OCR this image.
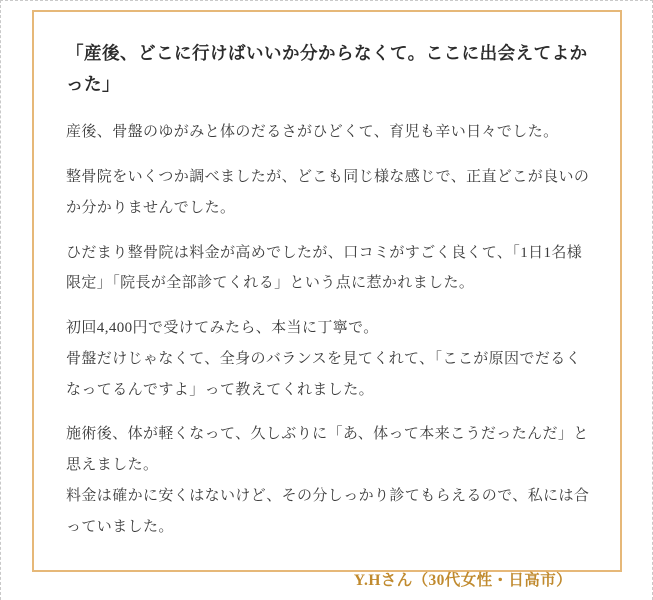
「産後、どこに行けばいいか分からなくて。ここに出会えてよかった」

産後、骨盤のゆがみと体のだるさがひどくて、育児も辛い日々でした。

整骨院をいくつか調べましたが、どこも同じ様な感じで、正直どこが良いのか分かりませんでした。

ひだまり整骨院は料金が高めでしたが、口コミがすごく良くて、「1日1名様限定」「院長が全部診てくれる」という点に惹かれました。

初回4,400円で受けてみたら、本当に丁寧で。
骨盤だけじゃなくて、全身のバランスを見てくれて、「ここが原因でだるくなってるんですよ」って教えてくれました。

施術後、体が軽くなって、久しぶりに「あ、体って本来こうだったんだ」と思えました。
料金は確かに安くはないけど、その分しっかり診てもらえるので、私には合っていました。

Y.Hさん（30代女性・日高市）
